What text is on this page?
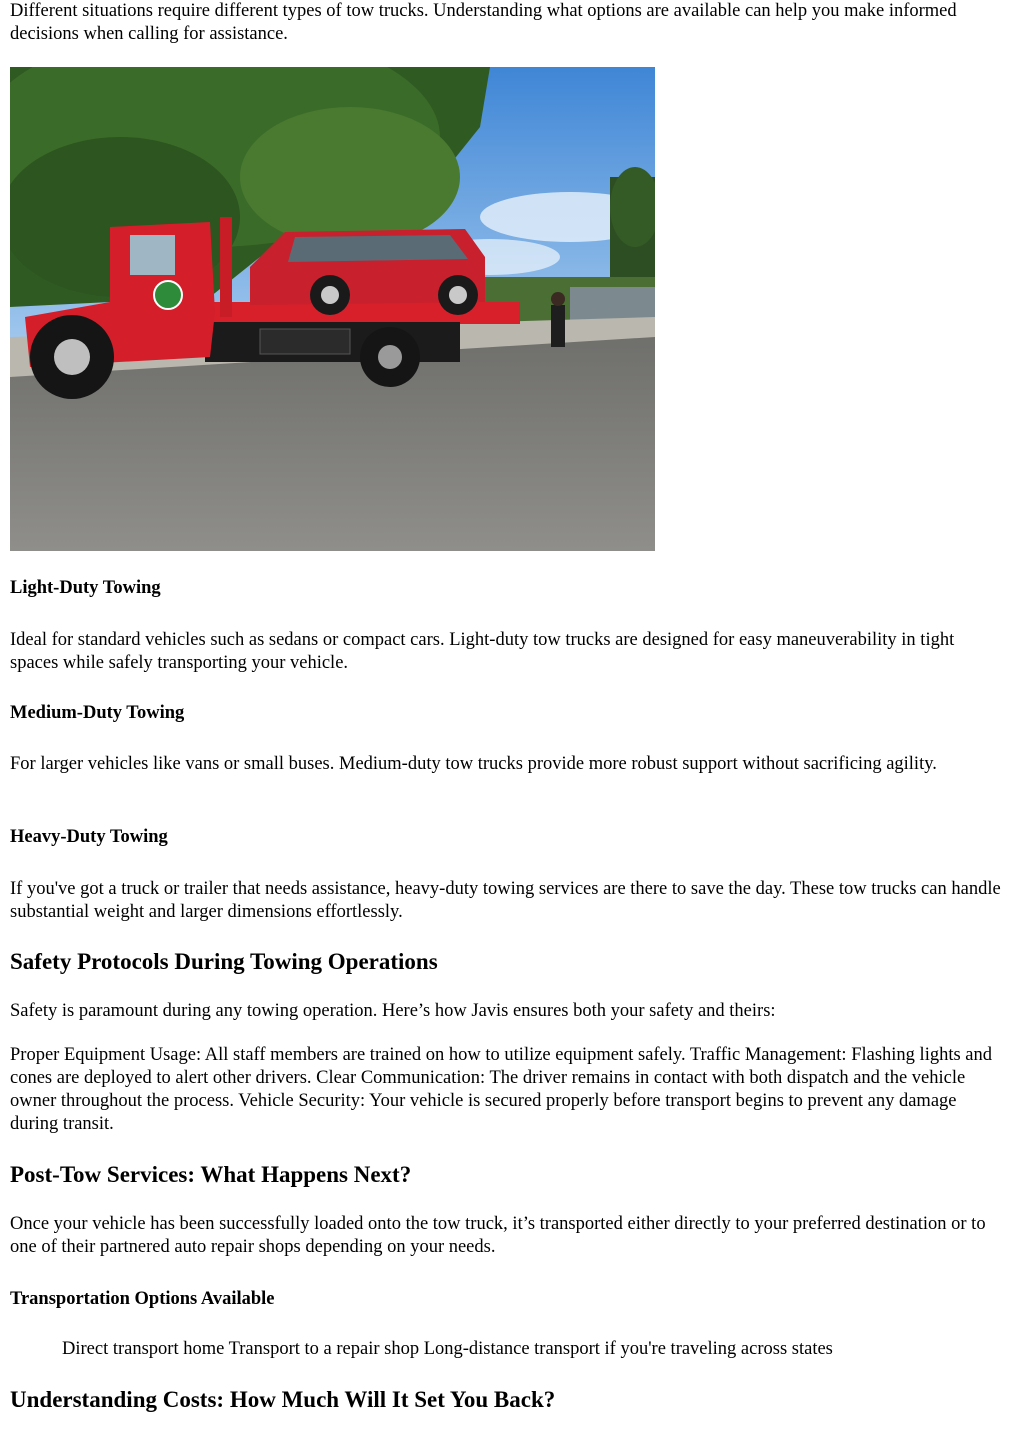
Different situations require different types of tow trucks. Understanding what options are available can help you make informed decisions when calling for assistance.

Light-Duty Towing

Ideal for standard vehicles such as sedans or compact cars. Light-duty tow trucks are designed for easy maneuverability in tight spaces while safely transporting your vehicle.

Medium-Duty Towing

For larger vehicles like vans or small buses. Medium-duty tow trucks provide more robust support without sacrificing agility.

Heavy-Duty Towing

If you've got a truck or trailer that needs assistance, heavy-duty towing services are there to save the day. These tow trucks can handle substantial weight and larger dimensions effortlessly.

Safety Protocols During Towing Operations

Safety is paramount during any towing operation. Here’s how Javis ensures both your safety and theirs:

Proper Equipment Usage: All staff members are trained on how to utilize equipment safely. Traffic Management: Flashing lights and cones are deployed to alert other drivers. Clear Communication: The driver remains in contact with both dispatch and the vehicle owner throughout the process. Vehicle Security: Your vehicle is secured properly before transport begins to prevent any damage during transit.

Post-Tow Services: What Happens Next?

Once your vehicle has been successfully loaded onto the tow truck, it’s transported either directly to your preferred destination or to one of their partnered auto repair shops depending on your needs.

Transportation Options Available

Direct transport home Transport to a repair shop Long-distance transport if you're traveling across states

Understanding Costs: How Much Will It Set You Back?
